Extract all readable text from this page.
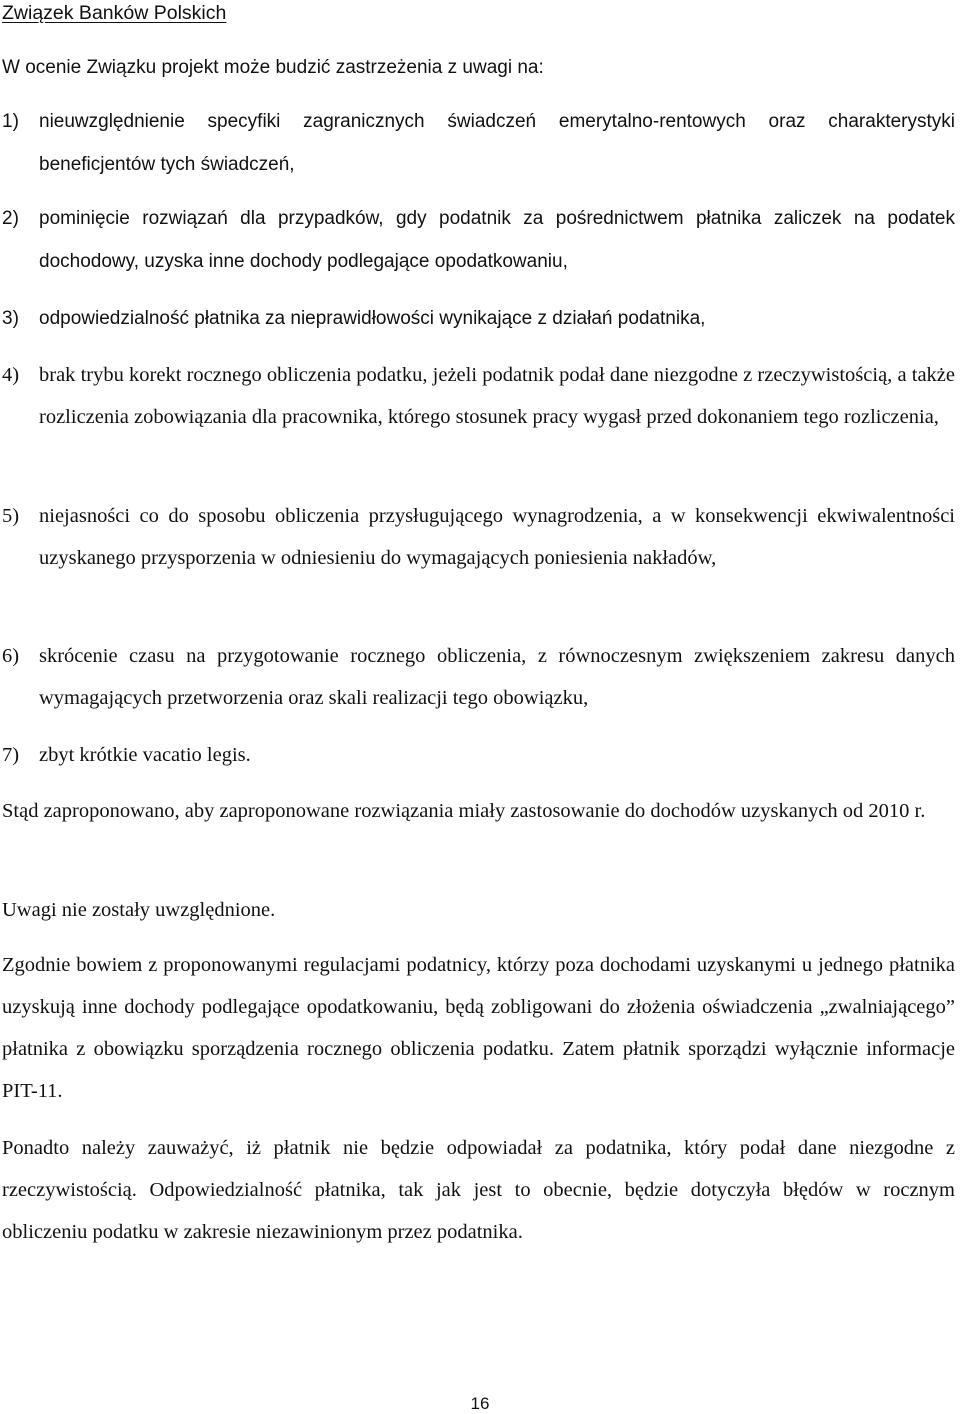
Związek Banków Polskich
W ocenie Związku projekt może budzić zastrzeżenia z uwagi na:
1) nieuwzględnienie specyfiki zagranicznych świadczeń emerytalno-rentowych oraz charakterystyki beneficjentów tych świadczeń,
2) pominięcie rozwiązań dla przypadków, gdy podatnik za pośrednictwem płatnika zaliczek na podatek dochodowy, uzyska inne dochody podlegające opodatkowaniu,
3) odpowiedzialność płatnika za nieprawidłowości wynikające z działań podatnika,
4) brak trybu korekt rocznego obliczenia podatku, jeżeli podatnik podał dane niezgodne z rzeczywistością, a także rozliczenia zobowiązania dla pracownika, którego stosunek pracy wygasł przed dokonaniem tego rozliczenia,
5) niejasności co do sposobu obliczenia przysługującego wynagrodzenia, a w konsekwencji ekwiwalentności uzyskanego przysporzenia w odniesieniu do wymagających poniesienia nakładów,
6) skrócenie czasu na przygotowanie rocznego obliczenia, z równoczesnym zwiększeniem zakresu danych wymagających przetworzenia oraz skali realizacji tego obowiązku,
7) zbyt krótkie vacatio legis.
Stąd zaproponowano, aby zaproponowane rozwiązania miały zastosowanie do dochodów uzyskanych od 2010 r.
Uwagi nie zostały uwzględnione.
Zgodnie bowiem z proponowanymi regulacjami podatnicy, którzy poza dochodami uzyskanymi u jednego płatnika uzyskują inne dochody podlegające opodatkowaniu, będą zobligowani do złożenia oświadczenia „zwalniającego” płatnika z obowiązku sporządzenia rocznego obliczenia podatku. Zatem płatnik sporządzi wyłącznie informacje PIT-11.
Ponadto należy zauważyć, iż płatnik nie będzie odpowiadał za podatnika, który podał dane niezgodne z rzeczywistością. Odpowiedzialność płatnika, tak jak jest to obecnie, będzie dotyczyła błędów w rocznym obliczeniu podatku w zakresie niezawinionym przez podatnika.
16
